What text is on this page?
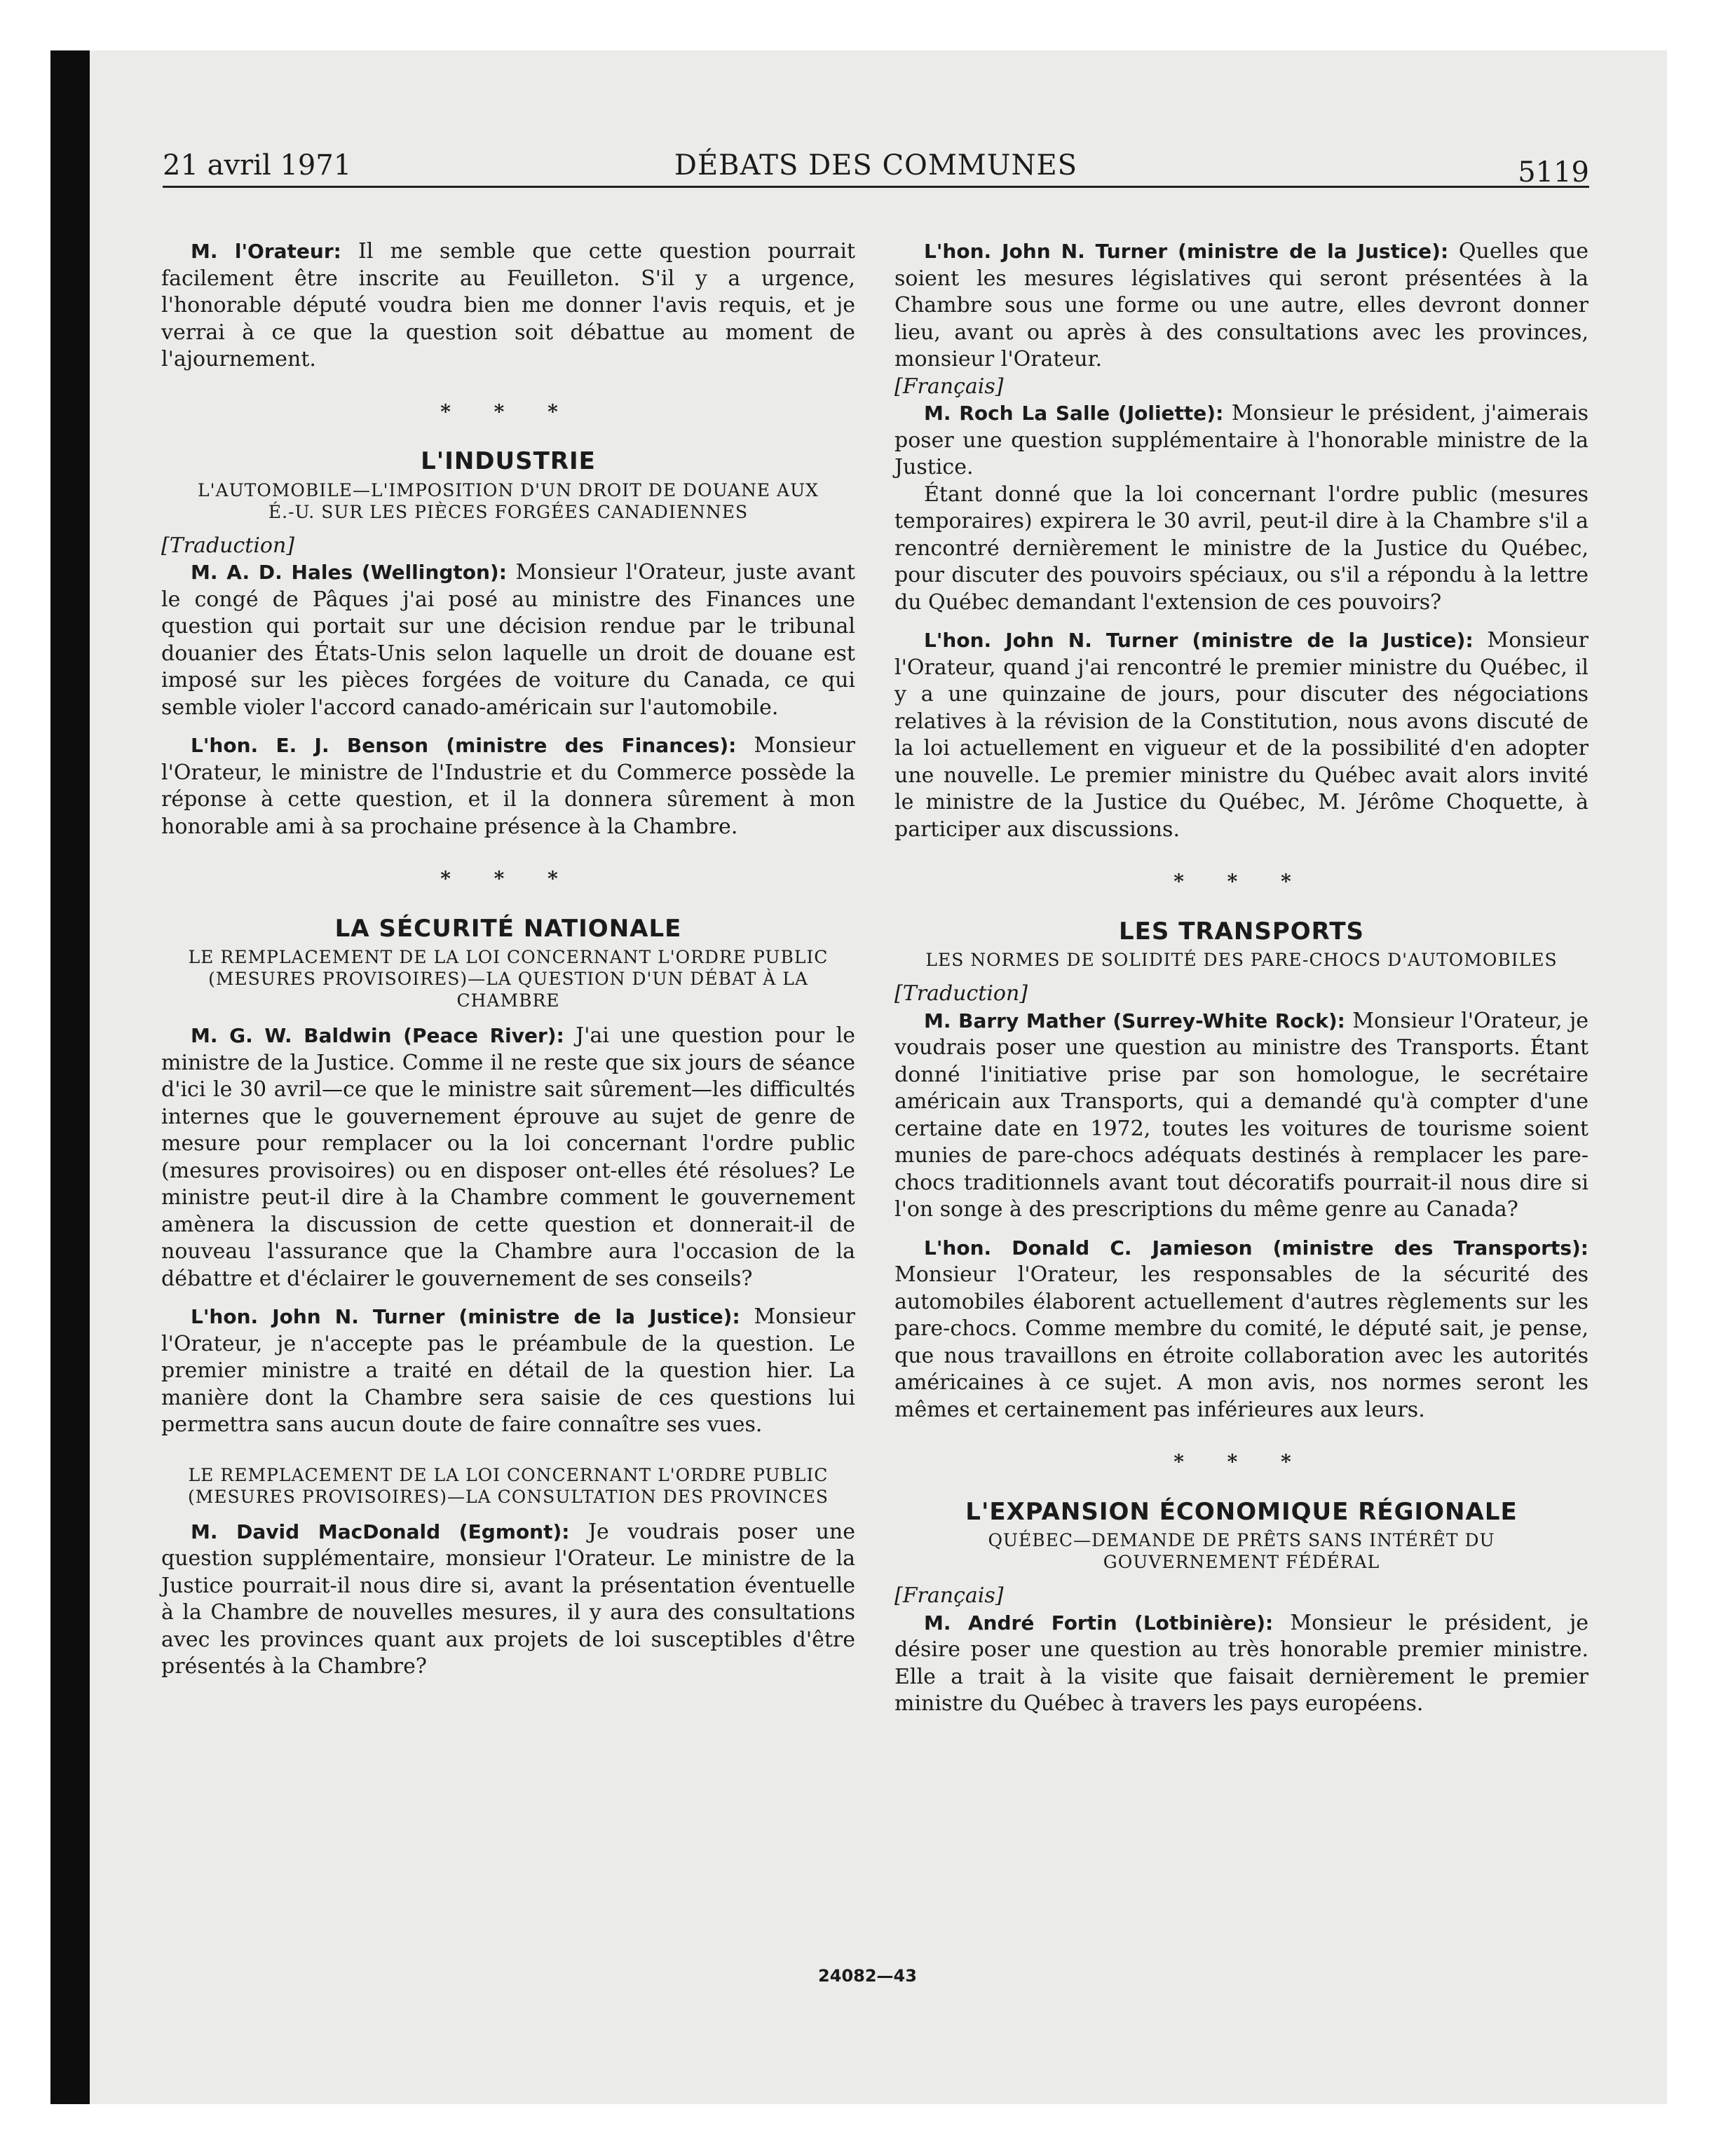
21 avril 1971	DÉBATS DES COMMUNES	5119

M. l'Orateur: Il me semble que cette question pourrait facilement être inscrite au Feuilleton. S'il y a urgence, l'honorable député voudra bien me donner l'avis requis, et je verrai à ce que la question soit débattue au moment de l'ajournement.

* * *
L'INDUSTRIE
L'AUTOMOBILE—L'IMPOSITION D'UN DROIT DE DOUANE AUX É.-U. SUR LES PIÈCES FORGÉES CANADIENNES

[Traduction]

M. A. D. Hales (Wellington): Monsieur l'Orateur, juste avant le congé de Pâques j'ai posé au ministre des Finances une question qui portait sur une décision rendue par le tribunal douanier des États-Unis selon laquelle un droit de douane est imposé sur les pièces forgées de voiture du Canada, ce qui semble violer l'accord canado-américain sur l'automobile.

L'hon. E. J. Benson (ministre des Finances): Monsieur l'Orateur, le ministre de l'Industrie et du Commerce possède la réponse à cette question, et il la donnera sûrement à mon honorable ami à sa prochaine présence à la Chambre.

* * *
LA SÉCURITÉ NATIONALE
LE REMPLACEMENT DE LA LOI CONCERNANT L'ORDRE PUBLIC (MESURES PROVISOIRES)—LA QUESTION D'UN DÉBAT À LA CHAMBRE

M. G. W. Baldwin (Peace River): J'ai une question pour le ministre de la Justice. Comme il ne reste que six jours de séance d'ici le 30 avril—ce que le ministre sait sûrement—les difficultés internes que le gouvernement éprouve au sujet de genre de mesure pour remplacer ou la loi concernant l'ordre public (mesures provisoires) ou en disposer ont-elles été résolues? Le ministre peut-il dire à la Chambre comment le gouvernement amènera la discussion de cette question et donnerait-il de nouveau l'assurance que la Chambre aura l'occasion de la débattre et d'éclairer le gouvernement de ses conseils?

L'hon. John N. Turner (ministre de la Justice): Monsieur l'Orateur, je n'accepte pas le préambule de la question. Le premier ministre a traité en détail de la question hier. La manière dont la Chambre sera saisie de ces questions lui permettra sans aucun doute de faire connaître ses vues.

LE REMPLACEMENT DE LA LOI CONCERNANT L'ORDRE PUBLIC (MESURES PROVISOIRES)—LA CONSULTATION DES PROVINCES

M. David MacDonald (Egmont): Je voudrais poser une question supplémentaire, monsieur l'Orateur. Le ministre de la Justice pourrait-il nous dire si, avant la présentation éventuelle à la Chambre de nouvelles mesures, il y aura des consultations avec les provinces quant aux projets de loi susceptibles d'être présentés à la Chambre?

L'hon. John N. Turner (ministre de la Justice): Quelles que soient les mesures législatives qui seront présentées à la Chambre sous une forme ou une autre, elles devront donner lieu, avant ou après à des consultations avec les provinces, monsieur l'Orateur.

[Français]

M. Roch La Salle (Joliette): Monsieur le président, j'aimerais poser une question supplémentaire à l'honorable ministre de la Justice.

Étant donné que la loi concernant l'ordre public (mesures temporaires) expirera le 30 avril, peut-il dire à la Chambre s'il a rencontré dernièrement le ministre de la Justice du Québec, pour discuter des pouvoirs spéciaux, ou s'il a répondu à la lettre du Québec demandant l'extension de ces pouvoirs?

L'hon. John N. Turner (ministre de la Justice): Monsieur l'Orateur, quand j'ai rencontré le premier ministre du Québec, il y a une quinzaine de jours, pour discuter des négociations relatives à la révision de la Constitution, nous avons discuté de la loi actuellement en vigueur et de la possibilité d'en adopter une nouvelle. Le premier ministre du Québec avait alors invité le ministre de la Justice du Québec, M. Jérôme Choquette, à participer aux discussions.

* * *
LES TRANSPORTS
LES NORMES DE SOLIDITÉ DES PARE-CHOCS D'AUTOMOBILES

[Traduction]

M. Barry Mather (Surrey-White Rock): Monsieur l'Orateur, je voudrais poser une question au ministre des Transports. Étant donné l'initiative prise par son homologue, le secrétaire américain aux Transports, qui a demandé qu'à compter d'une certaine date en 1972, toutes les voitures de tourisme soient munies de pare-chocs adéquats destinés à remplacer les pare-chocs traditionnels avant tout décoratifs pourrait-il nous dire si l'on songe à des prescriptions du même genre au Canada?

L'hon. Donald C. Jamieson (ministre des Transports): Monsieur l'Orateur, les responsables de la sécurité des automobiles élaborent actuellement d'autres règlements sur les pare-chocs. Comme membre du comité, le député sait, je pense, que nous travaillons en étroite collaboration avec les autorités américaines à ce sujet. A mon avis, nos normes seront les mêmes et certainement pas inférieures aux leurs.

* * *
L'EXPANSION ÉCONOMIQUE RÉGIONALE
QUÉBEC—DEMANDE DE PRÊTS SANS INTÉRÊT DU GOUVERNEMENT FÉDÉRAL

[Français]

M. André Fortin (Lotbinière): Monsieur le président, je désire poser une question au très honorable premier ministre. Elle a trait à la visite que faisait dernièrement le premier ministre du Québec à travers les pays européens.

24082—43
